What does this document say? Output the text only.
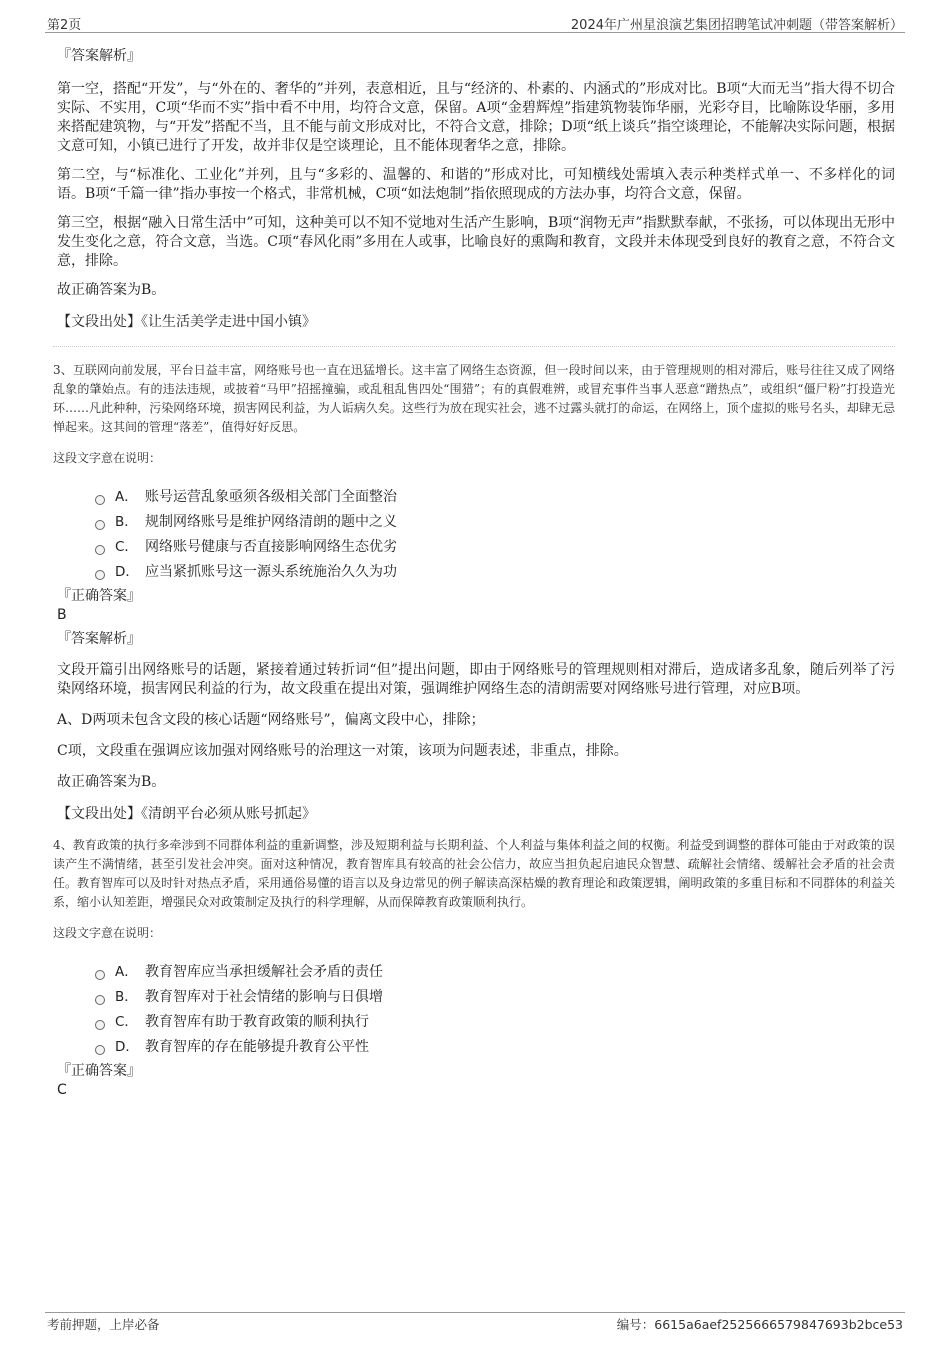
第2页	2024年广州星浪演艺集团招聘笔试冲刺题（带答案解析）

『答案解析』

第一空，搭配“开发”，与“外在的、奢华的”并列，表意相近，且与“经济的、朴素的、内涵式的”形成对比。B项“大而无当”指大得不切合实际、不实用，C项“华而不实”指中看不中用，均符合文意，保留。A项“金碧辉煌”指建筑物装饰华丽，光彩夺目，比喻陈设华丽，多用来搭配建筑物，与“开发”搭配不当，且不能与前文形成对比，不符合文意，排除；D项“纸上谈兵”指空谈理论，不能解决实际问题，根据文意可知，小镇已进行了开发，故并非仅是空谈理论，且不能体现奢华之意，排除。

第二空，与“标准化、工业化”并列，且与“多彩的、温馨的、和谐的”形成对比，可知横线处需填入表示种类样式单一、不多样化的词语。B项“千篇一律”指办事按一个格式，非常机械，C项“如法炮制”指依照现成的方法办事，均符合文意，保留。

第三空，根据“融入日常生活中”可知，这种美可以不知不觉地对生活产生影响，B项“润物无声”指默默奉献，不张扬，可以体现出无形中发生变化之意，符合文意，当选。C项“春风化雨”多用在人或事，比喻良好的熏陶和教育，文段并未体现受到良好的教育之意，不符合文意，排除。

故正确答案为B。

【文段出处】《让生活美学走进中国小镇》

3、互联网向前发展，平台日益丰富，网络账号也一直在迅猛增长。这丰富了网络生态资源，但一段时间以来，由于管理规则的相对滞后，账号往往又成了网络乱象的肇始点。有的违法违规，或披着“马甲”招摇撞骗，或乱租乱售四处“围猎”；有的真假难辨，或冒充事件当事人恶意“蹭热点”，或组织“僵尸粉”打投造光环……凡此种种，污染网络环境，损害网民利益，为人诟病久矣。这些行为放在现实社会，逃不过露头就打的命运，在网络上，顶个虚拟的账号名头，却肆无忌惮起来。这其间的管理“落差”，值得好好反思。

这段文字意在说明：

A． 账号运营乱象亟须各级相关部门全面整治
B． 规制网络账号是维护网络清朗的题中之义
C． 网络账号健康与否直接影响网络生态优劣
D． 应当紧抓账号这一源头系统施治久久为功

『正确答案』

B

『答案解析』

文段开篇引出网络账号的话题，紧接着通过转折词“但”提出问题，即由于网络账号的管理规则相对滞后，造成诸多乱象，随后列举了污染网络环境，损害网民利益的行为，故文段重在提出对策，强调维护网络生态的清朗需要对网络账号进行管理，对应B项。

A、D两项未包含文段的核心话题“网络账号”，偏离文段中心，排除；

C项，文段重在强调应该加强对网络账号的治理这一对策，该项为问题表述，非重点，排除。

故正确答案为B。

【文段出处】《清朗平台必须从账号抓起》

4、教育政策的执行多牵涉到不同群体利益的重新调整，涉及短期利益与长期利益、个人利益与集体利益之间的权衡。利益受到调整的群体可能由于对政策的误读产生不满情绪，甚至引发社会冲突。面对这种情况，教育智库具有较高的社会公信力，故应当担负起启迪民众智慧、疏解社会情绪、缓解社会矛盾的社会责任。教育智库可以及时针对热点矛盾，采用通俗易懂的语言以及身边常见的例子解读高深枯燥的教育理论和政策逻辑，阐明政策的多重目标和不同群体的利益关系，缩小认知差距，增强民众对政策制定及执行的科学理解，从而保障教育政策顺利执行。

这段文字意在说明：

A． 教育智库应当承担缓解社会矛盾的责任
B． 教育智库对于社会情绪的影响与日俱增
C． 教育智库有助于教育政策的顺利执行
D． 教育智库的存在能够提升教育公平性

『正确答案』

C

考前押题，上岸必备	编号：6615a6aef2525666579847693b2bce53
